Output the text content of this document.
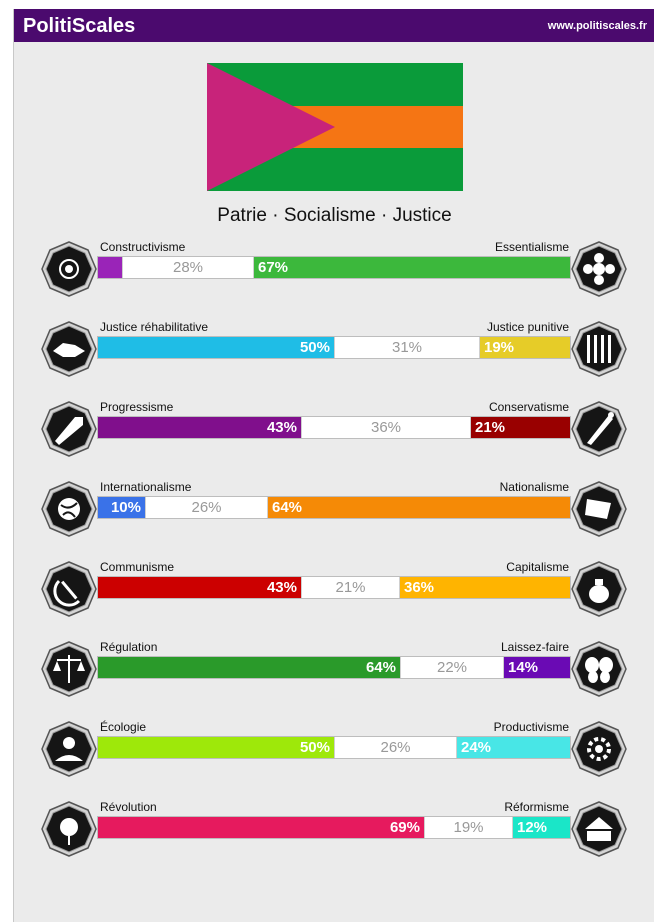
PolitiScales	www.politiscales.fr
Patrie · Socialisme · Justice
Constructivisme	Essentialisme
28%	67%
Justice réhabilitative	Justice punitive
50%	31%	19%
Progressisme	Conservatisme
43%	36%	21%
Internationalisme	Nationalisme
10%	26%	64%
Communisme	Capitalisme
43%	21%	36%
Régulation	Laissez-faire
64%	22%	14%
Écologie	Productivisme
50%	26%	24%
Révolution	Réformisme
69%	19%	12%
